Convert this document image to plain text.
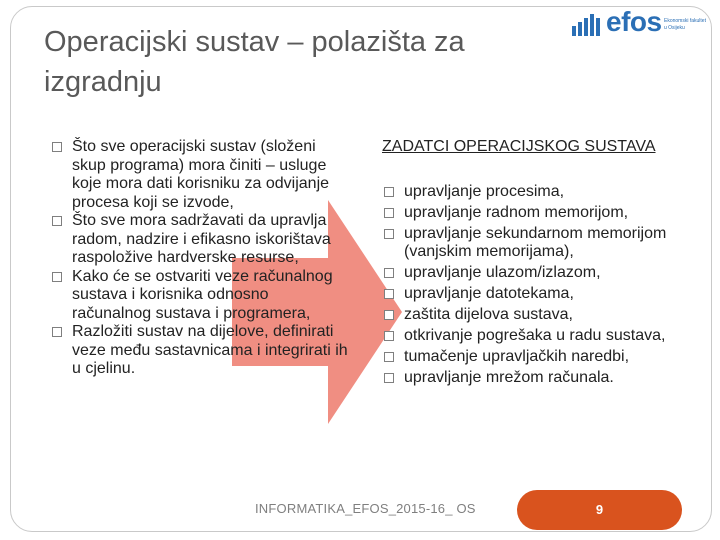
Operacijski sustav – polazišta za izgradnju
efos Ekonomski fakultet
u Osijeku

Što sve operacijski sustav (složeni skup programa) mora činiti – usluge koje mora dati korisniku za odvijanje procesa koji se izvode,

Što sve mora sadržavati da upravlja radom, nadzire i efikasno iskorištava raspoložive hardverske resurse,

Kako će se ostvariti veze računalnog sustava i korisnika odnosno računalnog sustava i programera,

Razložiti sustav na dijelove, definirati veze među sastavnicama i integrirati ih u cjelinu.

ZADATCI OPERACIJSKOG SUSTAVA

upravljanje procesima,

upravljanje radnom memorijom,

upravljanje sekundarnom memorijom (vanjskim memorijama),

upravljanje ulazom/izlazom,

upravljanje datotekama,

zaštita dijelova sustava,

otkrivanje pogrešaka u radu sustava,

tumačenje upravljačkih naredbi,

upravljanje mrežom računala.

INFORMATIKA_EFOS_2015-16_ OS	9
